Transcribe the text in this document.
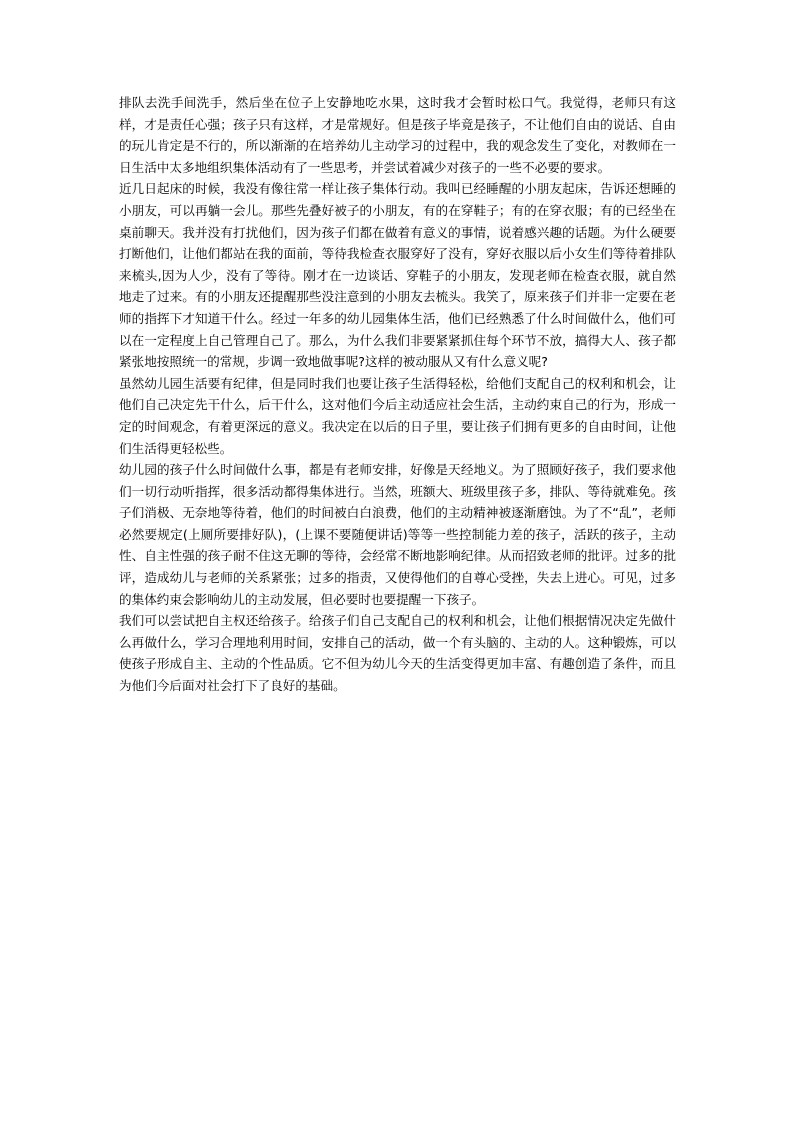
排队去洗手间洗手，然后坐在位子上安静地吃水果，这时我才会暂时松口气。我觉得，老师只有这样，才是责任心强；孩子只有这样，才是常规好。但是孩子毕竟是孩子，不让他们自由的说话、自由的玩儿肯定是不行的，所以渐渐的在培养幼儿主动学习的过程中，我的观念发生了变化，对教师在一日生活中太多地组织集体活动有了一些思考，并尝试着减少对孩子的一些不必要的要求。

近几日起床的时候，我没有像往常一样让孩子集体行动。我叫已经睡醒的小朋友起床，告诉还想睡的小朋友，可以再躺一会儿。那些先叠好被子的小朋友，有的在穿鞋子；有的在穿衣服；有的已经坐在桌前聊天。我并没有打扰他们，因为孩子们都在做着有意义的事情，说着感兴趣的话题。为什么硬要打断他们，让他们都站在我的面前，等待我检查衣服穿好了没有，穿好衣服以后小女生们等待着排队来梳头,因为人少，没有了等待。刚才在一边谈话、穿鞋子的小朋友，发现老师在检查衣服，就自然地走了过来。有的小朋友还提醒那些没注意到的小朋友去梳头。我笑了，原来孩子们并非一定要在老师的指挥下才知道干什么。经过一年多的幼儿园集体生活，他们已经熟悉了什么时间做什么，他们可以在一定程度上自己管理自己了。那么，为什么我们非要紧紧抓住每个环节不放，搞得大人、孩子都紧张地按照统一的常规，步调一致地做事呢?这样的被动服从又有什么意义呢?

虽然幼儿园生活要有纪律，但是同时我们也要让孩子生活得轻松，给他们支配自己的权利和机会，让他们自己决定先干什么，后干什么，这对他们今后主动适应社会生活，主动约束自己的行为，形成一定的时间观念，有着更深远的意义。我决定在以后的日子里，要让孩子们拥有更多的自由时间，让他们生活得更轻松些。

幼儿园的孩子什么时间做什么事，都是有老师安排，好像是天经地义。为了照顾好孩子，我们要求他们一切行动听指挥，很多活动都得集体进行。当然，班额大、班级里孩子多，排队、等待就难免。孩子们消极、无奈地等待着，他们的时间被白白浪费，他们的主动精神被逐渐磨蚀。为了不“乱”，老师必然要规定(上厕所要排好队)，(上课不要随便讲话)等等一些控制能力差的孩子，活跃的孩子，主动性、自主性强的孩子耐不住这无聊的等待，会经常不断地影响纪律。从而招致老师的批评。过多的批评，造成幼儿与老师的关系紧张；过多的指责，又使得他们的自尊心受挫，失去上进心。可见，过多的集体约束会影响幼儿的主动发展，但必要时也要提醒一下孩子。

我们可以尝试把自主权还给孩子。给孩子们自己支配自己的权利和机会，让他们根据情况决定先做什么再做什么，学习合理地利用时间，安排自己的活动，做一个有头脑的、主动的人。这种锻炼，可以使孩子形成自主、主动的个性品质。它不但为幼儿今天的生活变得更加丰富、有趣创造了条件，而且为他们今后面对社会打下了良好的基础。
